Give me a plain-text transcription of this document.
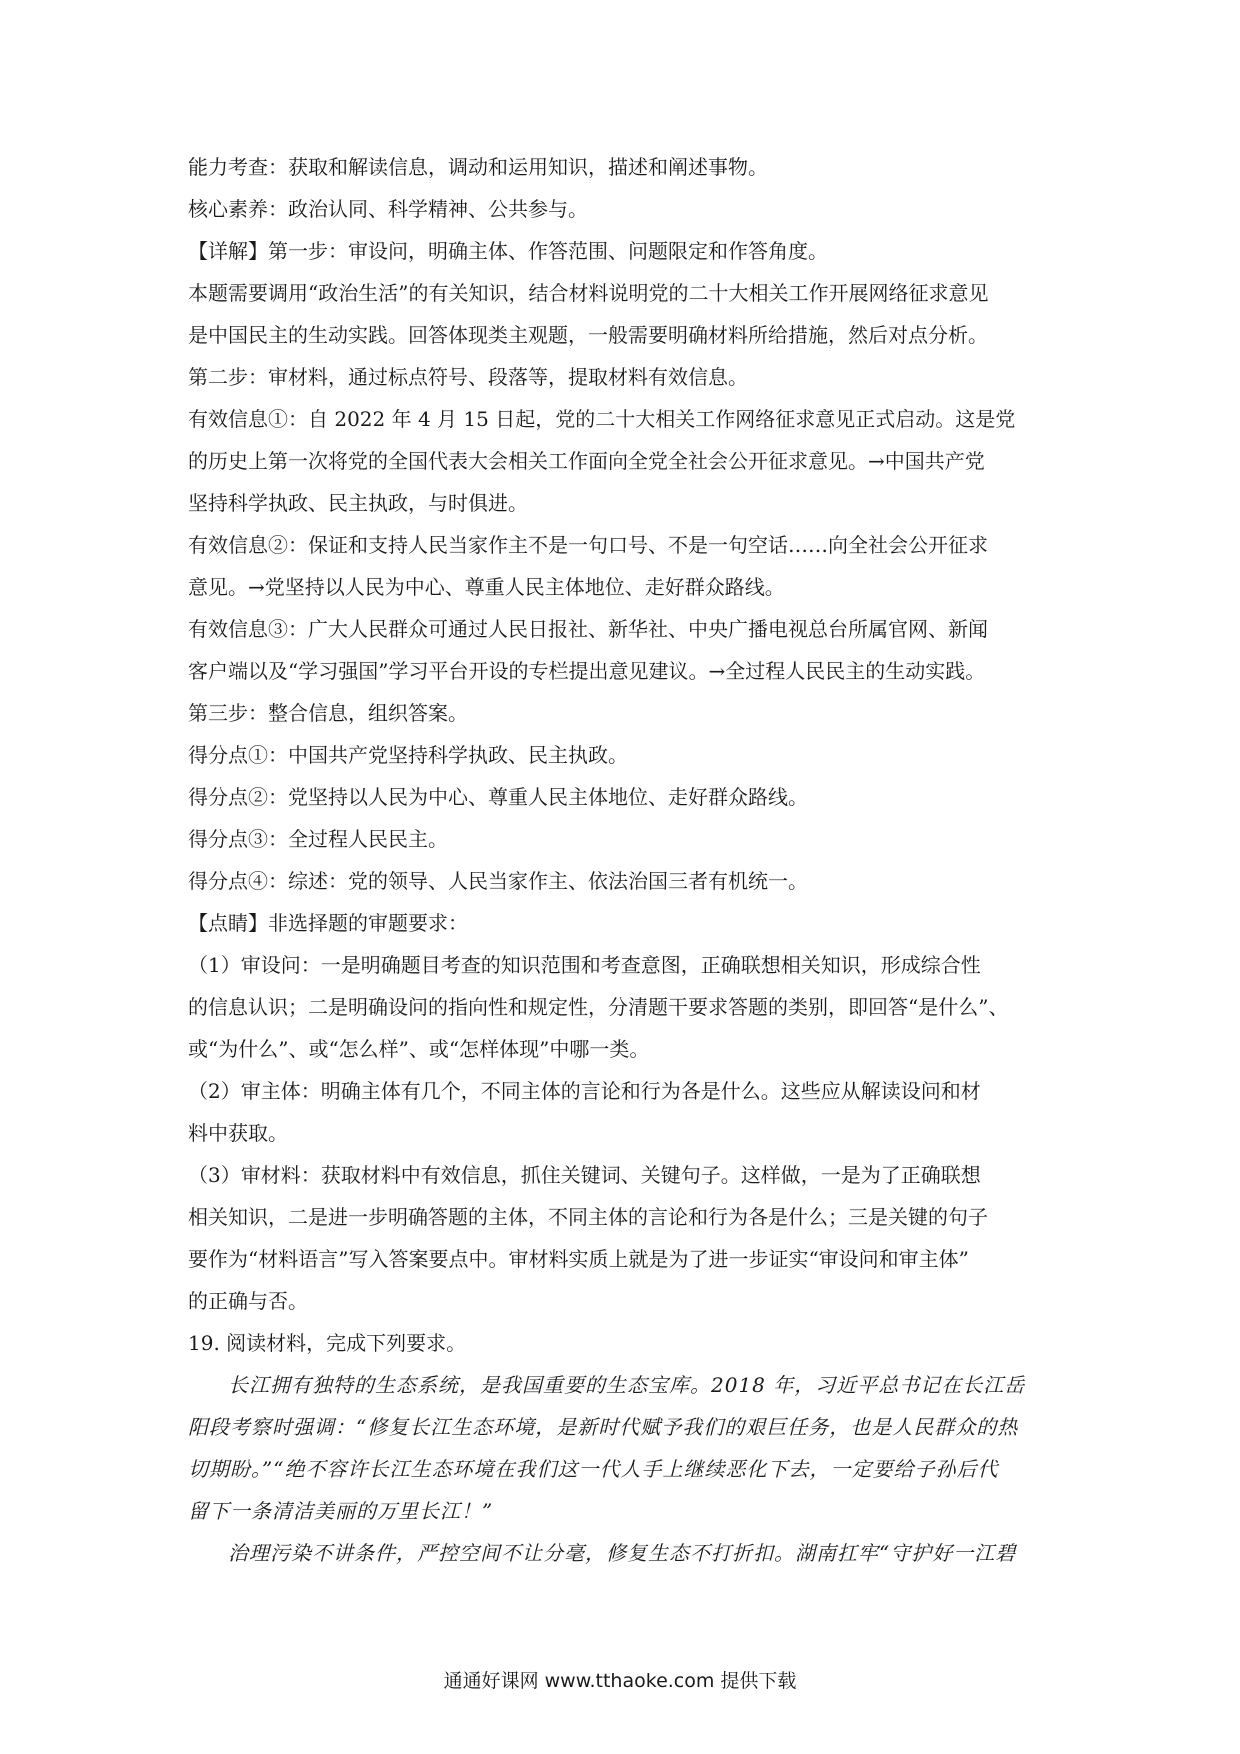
能力考查：获取和解读信息，调动和运用知识，描述和阐述事物。
核心素养：政治认同、科学精神、公共参与。
【详解】第一步：审设问，明确主体、作答范围、问题限定和作答角度。
本题需要调用“政治生活”的有关知识，结合材料说明党的二十大相关工作开展网络征求意见
是中国民主的生动实践。回答体现类主观题，一般需要明确材料所给措施，然后对点分析。
第二步：审材料，通过标点符号、段落等，提取材料有效信息。
有效信息①：自 2022 年 4 月 15 日起，党的二十大相关工作网络征求意见正式启动。这是党
的历史上第一次将党的全国代表大会相关工作面向全党全社会公开征求意见。→中国共产党
坚持科学执政、民主执政，与时俱进。
有效信息②：保证和支持人民当家作主不是一句口号、不是一句空话……向全社会公开征求
意见。→党坚持以人民为中心、尊重人民主体地位、走好群众路线。
有效信息③：广大人民群众可通过人民日报社、新华社、中央广播电视总台所属官网、新闻
客户端以及“学习强国”学习平台开设的专栏提出意见建议。→全过程人民民主的生动实践。
第三步：整合信息，组织答案。
得分点①：中国共产党坚持科学执政、民主执政。
得分点②：党坚持以人民为中心、尊重人民主体地位、走好群众路线。
得分点③：全过程人民民主。
得分点④：综述：党的领导、人民当家作主、依法治国三者有机统一。
【点睛】非选择题的审题要求：
（1）审设问：一是明确题目考查的知识范围和考查意图，正确联想相关知识，形成综合性
的信息认识；二是明确设问的指向性和规定性，分清题干要求答题的类别，即回答“是什么”、
或“为什么”、或“怎么样”、或“怎样体现”中哪一类。
（2）审主体：明确主体有几个，不同主体的言论和行为各是什么。这些应从解读设问和材
料中获取。
（3）审材料：获取材料中有效信息，抓住关键词、关键句子。这样做，一是为了正确联想
相关知识，二是进一步明确答题的主体，不同主体的言论和行为各是什么；三是关键的句子
要作为“材料语言”写入答案要点中。审材料实质上就是为了进一步证实“审设问和审主体”
的正确与否。
19. 阅读材料，完成下列要求。
长江拥有独特的生态系统，是我国重要的生态宝库。2018 年，习近平总书记在长江岳
阳段考察时强调：“修复长江生态环境，是新时代赋予我们的艰巨任务，也是人民群众的热
切期盼。”“绝不容许长江生态环境在我们这一代人手上继续恶化下去，一定要给子孙后代
留下一条清洁美丽的万里长江！”
治理污染不讲条件，严控空间不让分毫，修复生态不打折扣。湖南扛牢“守护好一江碧
通通好课网 www.tthaoke.com 提供下载
